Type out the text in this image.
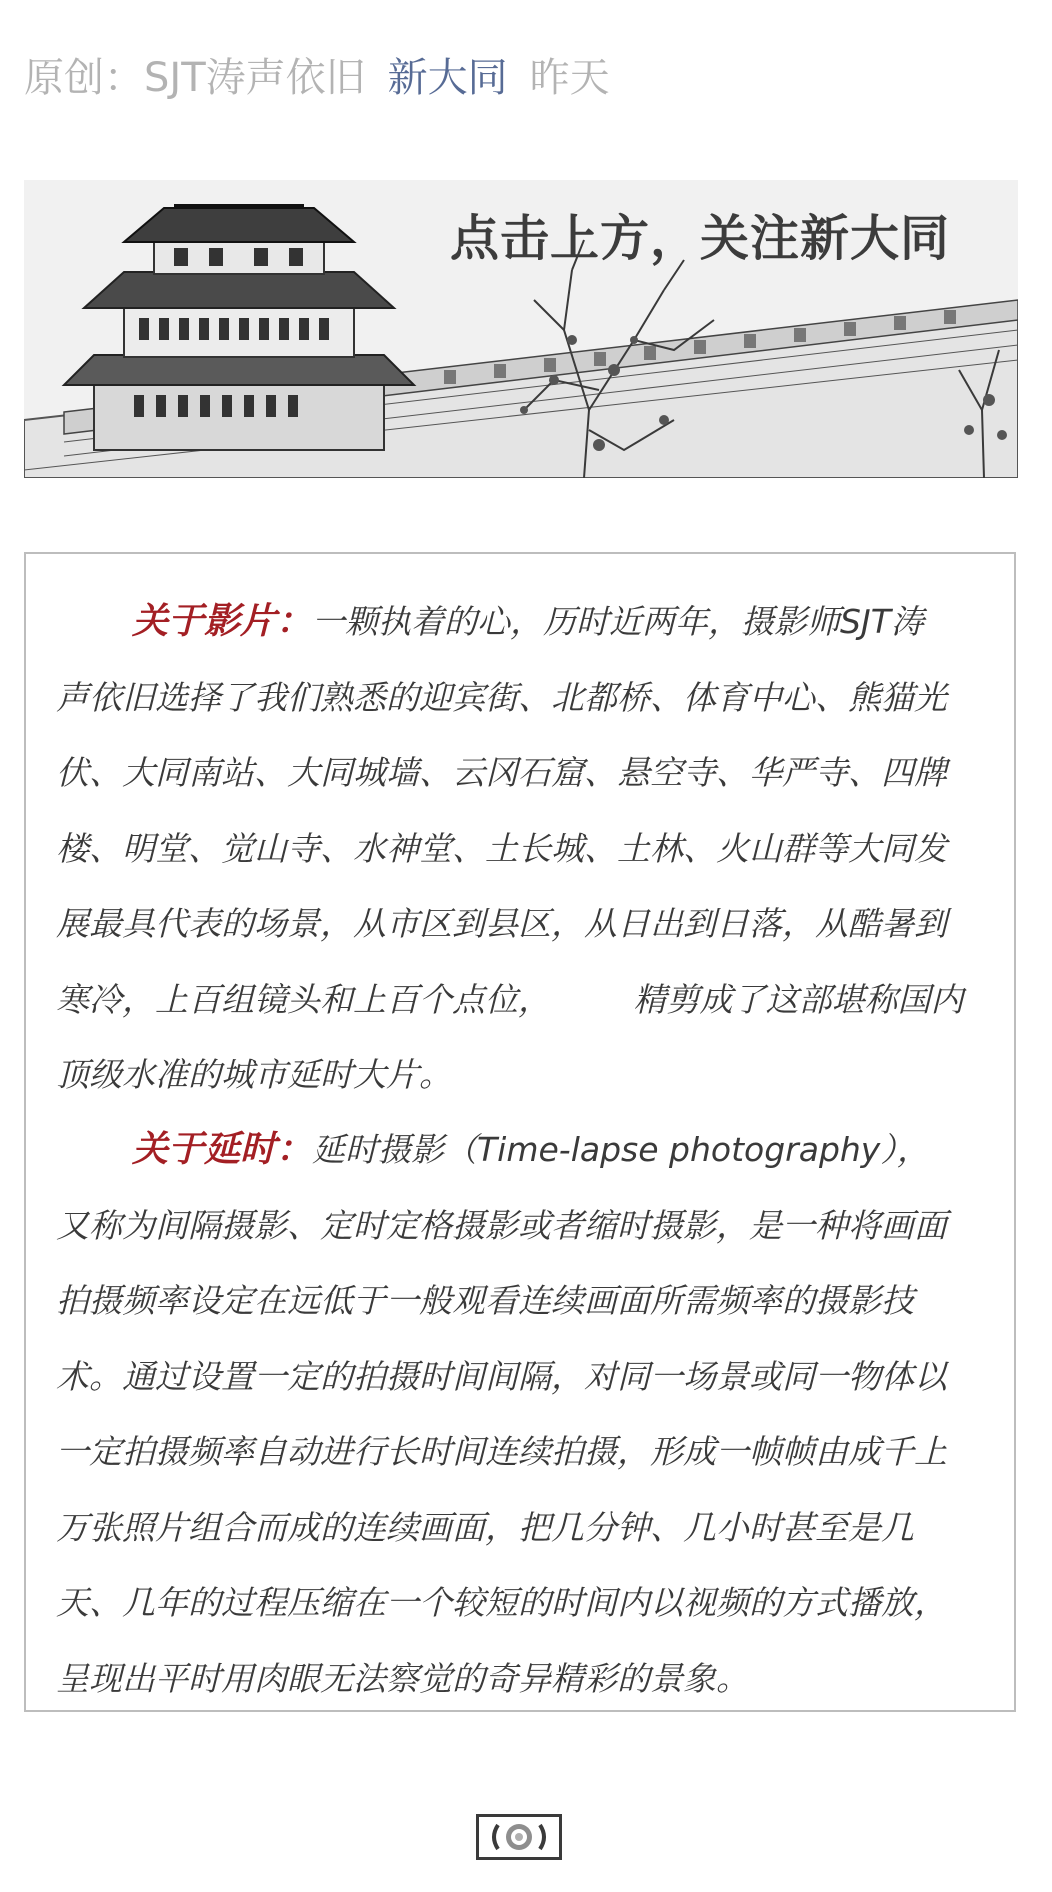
原创： SJT涛声依旧 新大同 昨天
点击上方，关注新大同
关于影片：一颗执着的心，历时近两年，摄影师SJT涛
声依旧选择了我们熟悉的迎宾街、北都桥、体育中心、熊猫光
伏、大同南站、大同城墙、云冈石窟、悬空寺、华严寺、四牌
楼、明堂、觉山寺、水神堂、土长城、土林、火山群等大同发
展最具代表的场景，从市区到县区，从日出到日落，从酷暑到
寒冷，上百组镜头和上百个点位，　　　精剪成了这部堪称国内
顶级水准的城市延时大片。
关于延时：延时摄影（Time-lapse photography），
又称为间隔摄影、定时定格摄影或者缩时摄影，是一种将画面
拍摄频率设定在远低于一般观看连续画面所需频率的摄影技
术。通过设置一定的拍摄时间间隔，对同一场景或同一物体以
一定拍摄频率自动进行长时间连续拍摄，形成一帧帧由成千上
万张照片组合而成的连续画面，把几分钟、几小时甚至是几
天、几年的过程压缩在一个较短的时间内以视频的方式播放，
呈现出平时用肉眼无法察觉的奇异精彩的景象。
